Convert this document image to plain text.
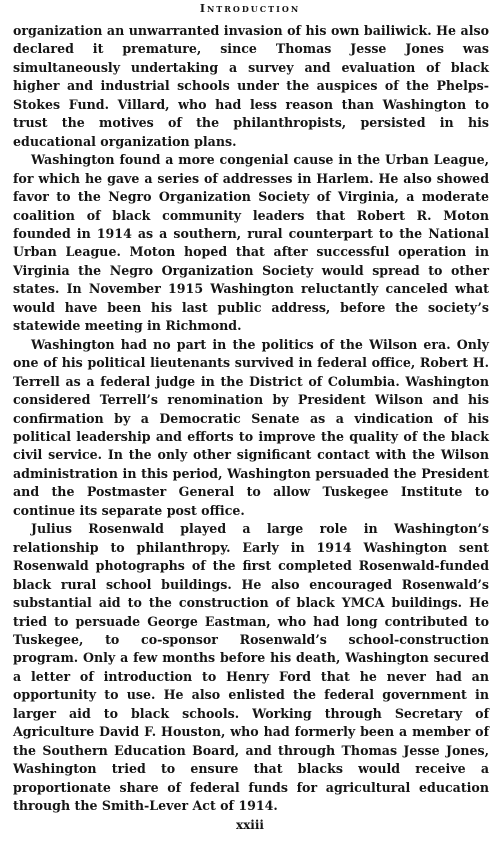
Introduction

organization an unwarranted invasion of his own bailiwick. He also declared it premature, since Thomas Jesse Jones was simultaneously undertaking a survey and evaluation of black higher and industrial schools under the auspices of the Phelps-Stokes Fund. Villard, who had less reason than Washington to trust the motives of the philanthropists, persisted in his educational organization plans.

Washington found a more congenial cause in the Urban League, for which he gave a series of addresses in Harlem. He also showed favor to the Negro Organization Society of Virginia, a moderate coalition of black community leaders that Robert R. Moton founded in 1914 as a southern, rural counterpart to the National Urban League. Moton hoped that after successful operation in Virginia the Negro Organization Society would spread to other states. In November 1915 Washington reluctantly canceled what would have been his last public address, before the society’s statewide meeting in Richmond.

Washington had no part in the politics of the Wilson era. Only one of his political lieutenants survived in federal office, Robert H. Terrell as a federal judge in the District of Columbia. Washington considered Terrell’s renomination by President Wilson and his confirmation by a Democratic Senate as a vindication of his political leadership and efforts to improve the quality of the black civil service. In the only other significant contact with the Wilson administration in this period, Washington persuaded the President and the Postmaster General to allow Tuskegee Institute to continue its separate post office.

Julius Rosenwald played a large role in Washington’s relationship to philanthropy. Early in 1914 Washington sent Rosenwald photographs of the first completed Rosenwald-funded black rural school buildings. He also encouraged Rosenwald’s substantial aid to the construction of black YMCA buildings. He tried to persuade George Eastman, who had long contributed to Tuskegee, to co-sponsor Rosenwald’s school-construction program. Only a few months before his death, Washington secured a letter of introduction to Henry Ford that he never had an opportunity to use. He also enlisted the federal government in larger aid to black schools. Working through Secretary of Agriculture David F. Houston, who had formerly been a member of the Southern Education Board, and through Thomas Jesse Jones, Washington tried to ensure that blacks would receive a proportionate share of federal funds for agricultural education through the Smith-Lever Act of 1914.

xxiii
